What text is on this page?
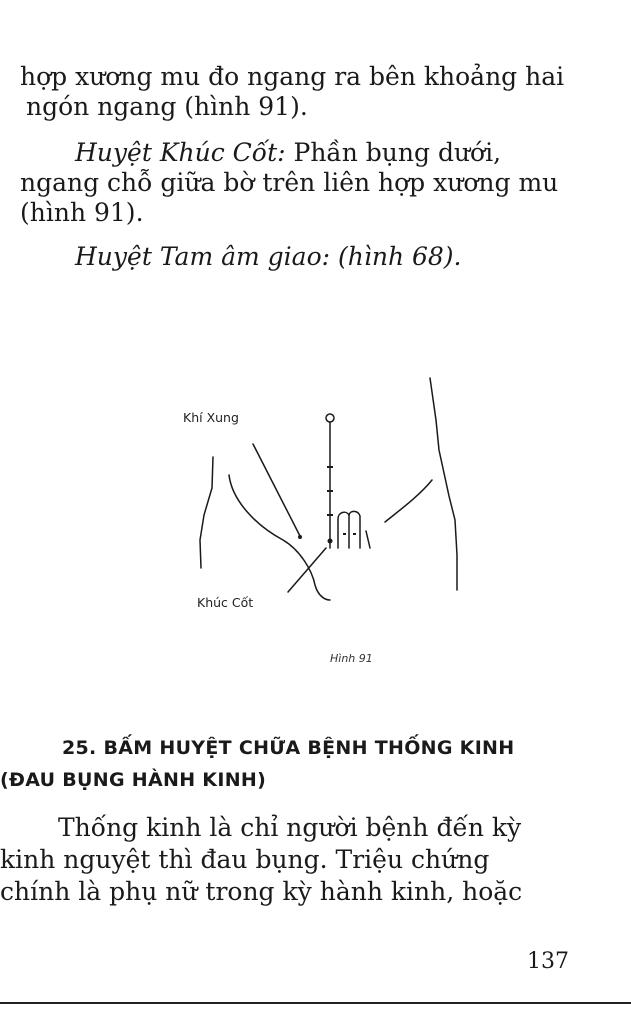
hợp xương mu đo ngang ra bên khoảng hai
ngón ngang (hình 91).
Huyệt Khúc Cốt: Phần bụng dưới,
ngang chỗ giữa bờ trên liên hợp xương mu
(hình 91).
Huyệt Tam âm giao: (hình 68).
Khí Xung
Khúc Cốt
Hình 91
25. BẤM HUYỆT CHỮA BỆNH THỐNG KINH
(ĐAU BỤNG HÀNH KINH)
Thống kinh là chỉ người bệnh đến kỳ
kinh nguyệt thì đau bụng. Triệu chứng
chính là phụ nữ trong kỳ hành kinh, hoặc
137
